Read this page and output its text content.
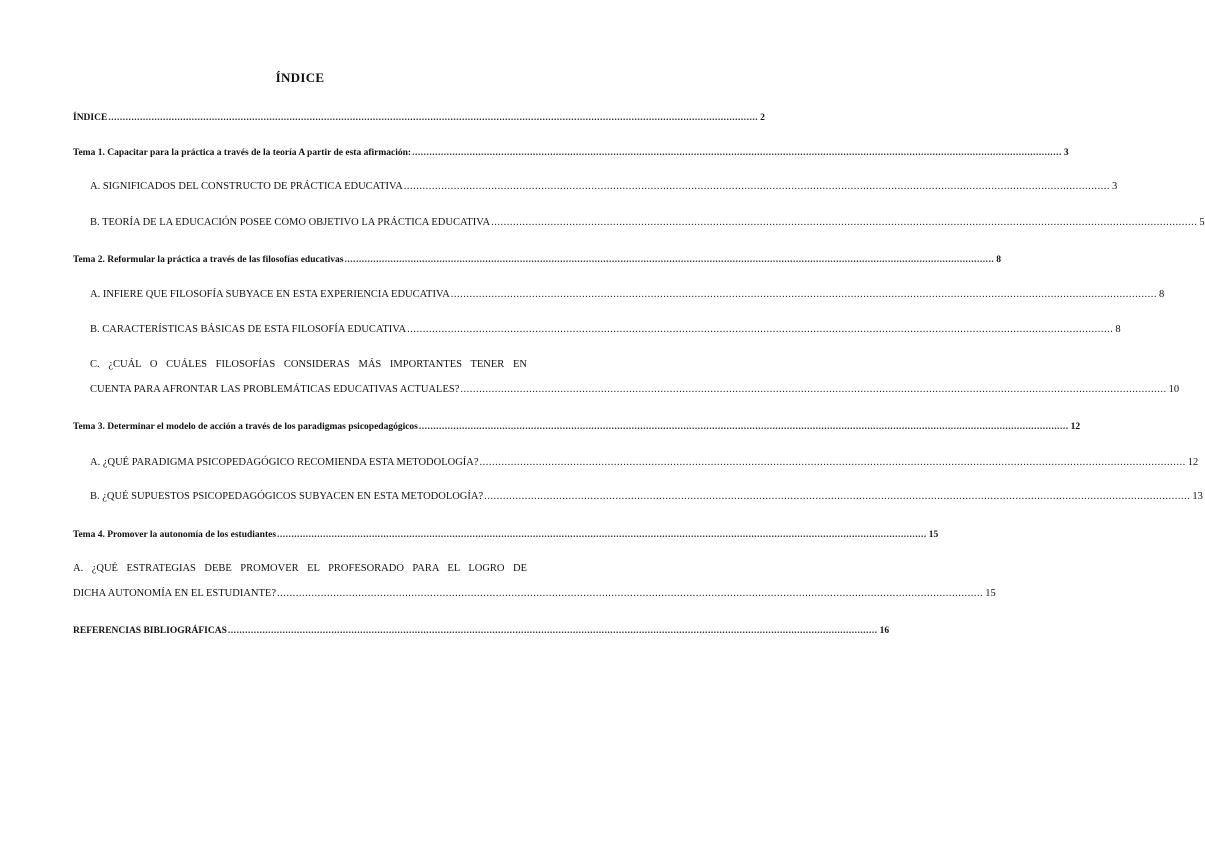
ÍNDICE
ÍNDICE .....	2
Tema 1. Capacitar para la práctica a través de la teoría A partir de esta afirmación: .....	3
A. SIGNIFICADOS DEL CONSTRUCTO DE PRÁCTICA EDUCATIVA .....	3
B. TEORÍA DE LA EDUCACIÓN POSEE COMO OBJETIVO LA PRÁCTICA EDUCATIVA .....	5
Tema 2. Reformular la práctica a través de las filosofías educativas .....	8
A. INFIERE QUE FILOSOFÍA SUBYACE EN ESTA EXPERIENCIA EDUCATIVA .....	8
B. CARACTERÍSTICAS BÁSICAS DE ESTA FILOSOFÍA EDUCATIVA .....	8
C. ¿CUÁL O CUÁLES FILOSOFÍAS CONSIDERAS MÁS IMPORTANTES TENER EN
CUENTA PARA AFRONTAR LAS PROBLEMÁTICAS EDUCATIVAS ACTUALES? .....	10
Tema 3. Determinar el modelo de acción a través de los paradigmas psicopedagógicos .....	12
A. ¿QUÉ PARADIGMA PSICOPEDAGÓGICO RECOMIENDA ESTA METODOLOGÍA? .....	12
B. ¿QUÉ SUPUESTOS PSICOPEDAGÓGICOS SUBYACEN EN ESTA METODOLOGÍA? .....	13
Tema 4. Promover la autonomía de los estudiantes .....	15
A. ¿QUÉ ESTRATEGIAS DEBE PROMOVER EL PROFESORADO PARA EL LOGRO DE
DICHA AUTONOMÍA EN EL ESTUDIANTE? .....	15
REFERENCIAS BIBLIOGRÁFICAS .....	16
